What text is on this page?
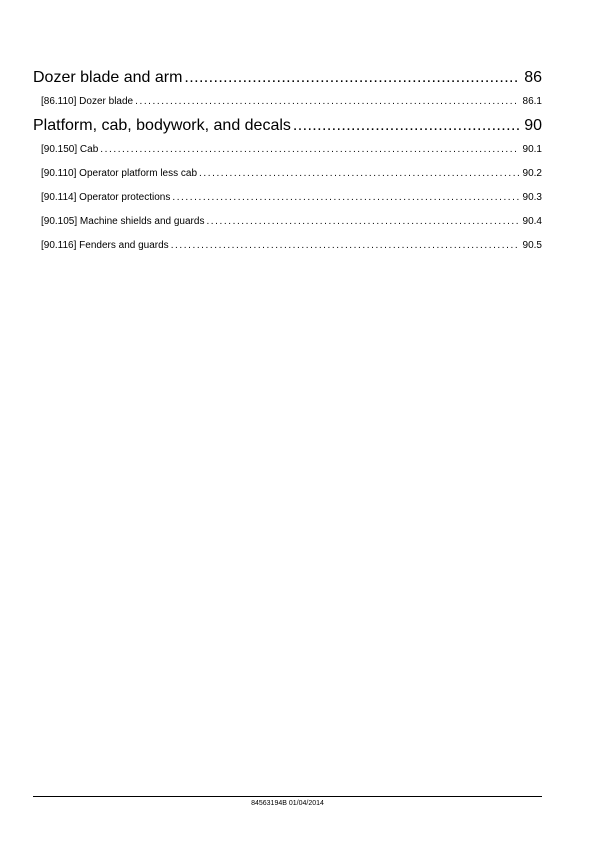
Dozer blade and arm .....	86
[86.110] Dozer blade . . .	86.1
Platform, cab, bodywork, and decals .....	90
[90.150] Cab . . .	90.1
[90.110] Operator platform less cab . . .	90.2
[90.114] Operator protections . . .	90.3
[90.105] Machine shields and guards . . .	90.4
[90.116] Fenders and guards . . .	90.5
84563194B 01/04/2014
